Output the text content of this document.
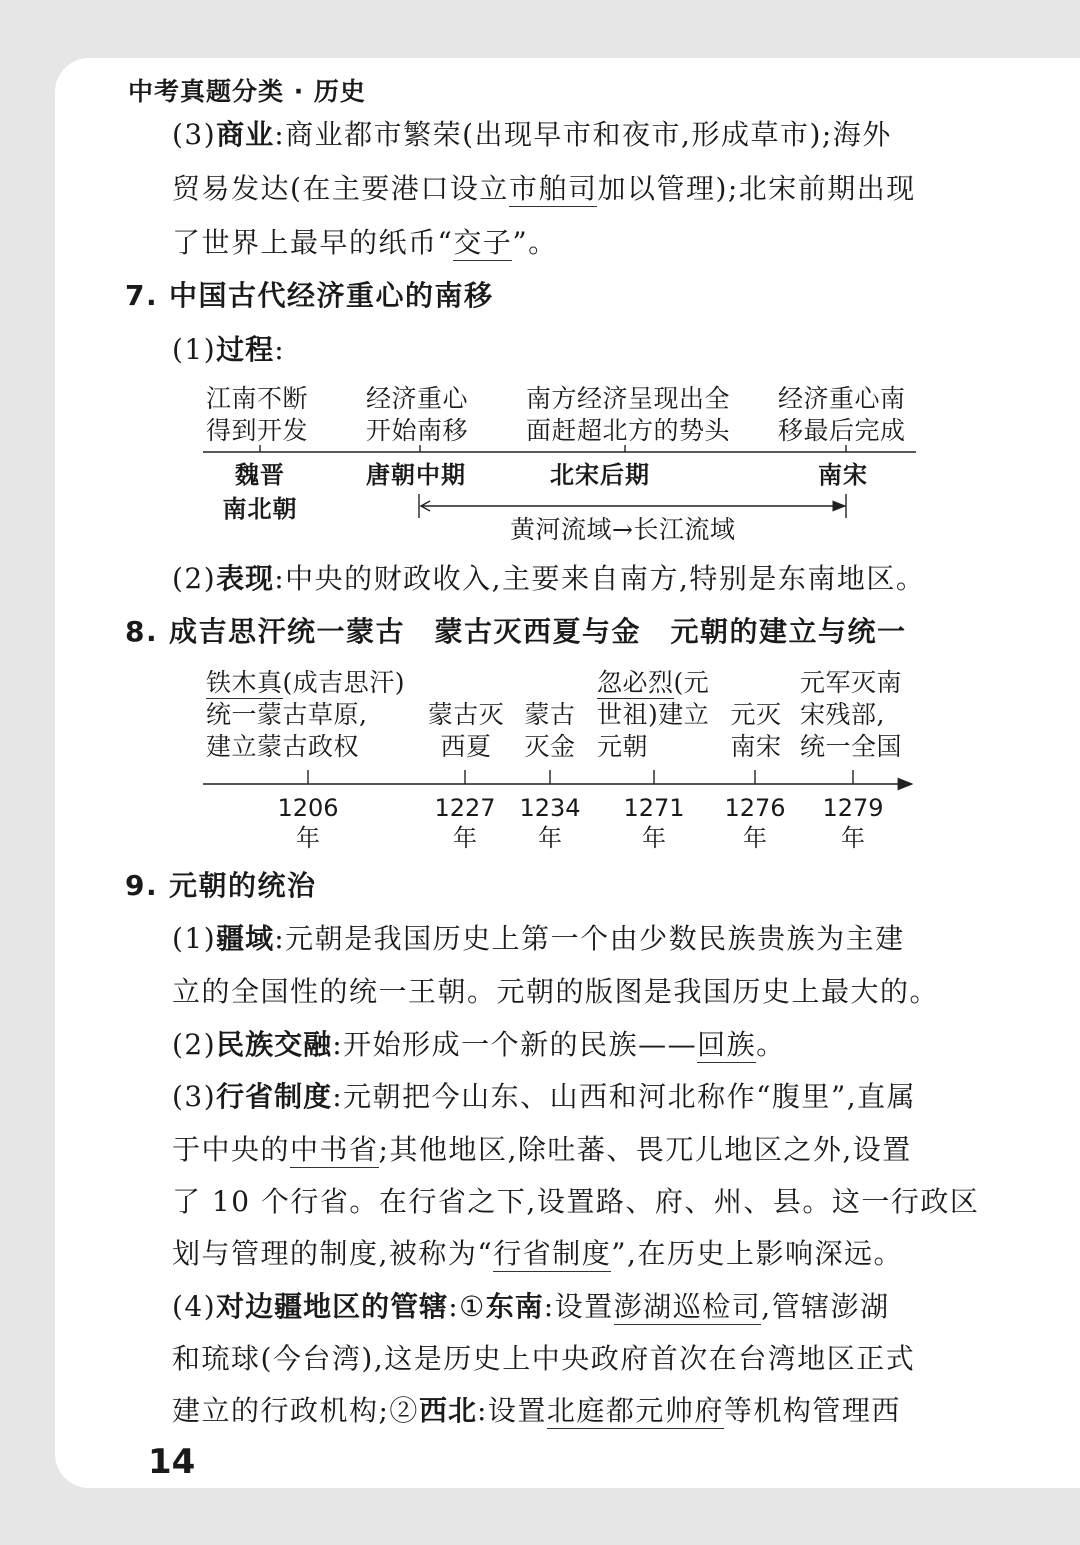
中考真题分类 · 历史
(3)商业:商业都市繁荣(出现早市和夜市,形成草市);海外
贸易发达(在主要港口设立市舶司加以管理);北宋前期出现
了世界上最早的纸币“交子”。
7. 中国古代经济重心的南移
(1)过程:
江南不断
得到开发
经济重心
开始南移
南方经济呈现出全
面赶超北方的势头
经济重心南
移最后完成
魏晋
南北朝
唐朝中期	北宋后期	南宋
黄河流域→长江流域
(2)表现:中央的财政收入,主要来自南方,特别是东南地区。
8. 成吉思汗统一蒙古　蒙古灭西夏与金　元朝的建立与统一
铁木真(成吉思汗)
统一蒙古草原,
建立蒙古政权
蒙古灭
西夏
蒙古
灭金
忽必烈(元
世祖)建立
元朝
元灭
南宋
元军灭南
宋残部,
统一全国
1206
年
1227
年
1234
年
1271
年
1276
年
1279
年
9. 元朝的统治
(1)疆域:元朝是我国历史上第一个由少数民族贵族为主建
立的全国性的统一王朝。元朝的版图是我国历史上最大的。
(2)民族交融:开始形成一个新的民族——回族。
(3)行省制度:元朝把今山东、山西和河北称作“腹里”,直属
于中央的中书省;其他地区,除吐蕃、畏兀儿地区之外,设置
了 10 个行省。在行省之下,设置路、府、州、县。这一行政区
划与管理的制度,被称为“行省制度”,在历史上影响深远。
(4)对边疆地区的管辖:①东南:设置澎湖巡检司,管辖澎湖
和琉球(今台湾),这是历史上中央政府首次在台湾地区正式
建立的行政机构;②西北:设置北庭都元帅府等机构管理西
14
